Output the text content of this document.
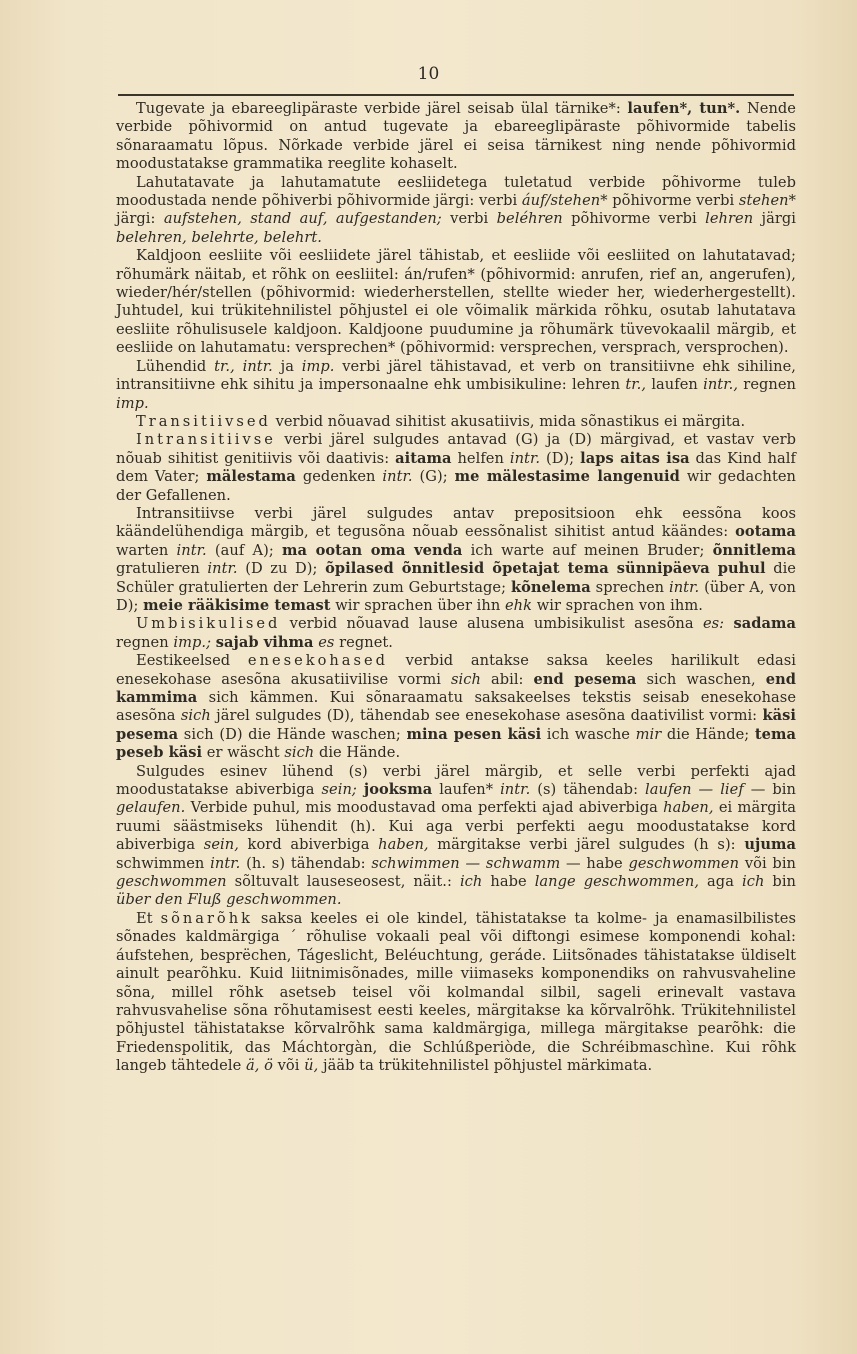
10

Tugevate ja ebareeglipäraste verbide järel seisab ülal tärnike*: laufen*, tun*. Nende verbide põhivormid on antud tugevate ja ebareeglipäraste põhivormide tabelis sõnaraamatu lõpus. Nõrkade verbide järel ei seisa tärnikest ning nende põhivormid moodustatakse grammatika reeglite kohaselt.

Lahutatavate ja lahutamatute eesliidetega tuletatud verbide põhivorme tuleb moodustada nende põhiverbi põhivormide järgi: verbi áuf/stehen* põhivorme verbi stehen* järgi: aufstehen, stand auf, aufgestanden; verbi beléhren põhivorme verbi lehren järgi belehren, belehrte, belehrt.

Kaldjoon eesliite või eesliidete järel tähistab, et eesliide või eesliited on lahutatavad; rõhumärk näitab, et rõhk on eesliitel: án/rufen* (põhivormid: anrufen, rief an, angerufen), wieder/hér/stellen (põhivormid: wiederherstellen, stellte wieder her, wiederhergestellt). Juhtudel, kui trükitehnilistel põhjustel ei ole võimalik märkida rõhku, osutab lahutatava eesliite rõhulisusele kaldjoon. Kaldjoone puudumine ja rõhumärk tüvevokaalil märgib, et eesliide on lahutamatu: versprechen* (põhivormid: versprechen, versprach, versprochen).

Lühendid tr., intr. ja imp. verbi järel tähistavad, et verb on transitiivne ehk sihiline, intransitiivne ehk sihitu ja impersonaalne ehk umbisikuline: lehren tr., laufen intr., regnen imp.

Transitiivsed verbid nõuavad sihitist akusatiivis, mida sõnastikus ei märgita.

Intransitiivse verbi järel sulgudes antavad (G) ja (D) märgivad, et vastav verb nõuab sihitist genitiivis või daativis: aitama helfen intr. (D); laps aitas isa das Kind half dem Vater; mälestama gedenken intr. (G); me mälestasime langenuid wir gedachten der Gefallenen.

Intransitiivse verbi järel sulgudes antav prepositsioon ehk eessõna koos käändelühendiga märgib, et tegusõna nõuab eessõnalist sihitist antud käändes: ootama warten intr. (auf A); ma ootan oma venda ich warte auf meinen Bruder; õnnitlema gratulieren intr. (D zu D); õpilased õnnitlesid õpetajat tema sünnipäeva puhul die Schüler gratulierten der Lehrerin zum Geburtstage; kõnelema sprechen intr. (über A, von D); meie rääkisime temast wir sprachen über ihn ehk wir sprachen von ihm.

Umbisikulised verbid nõuavad lause alusena umbisikulist asesõna es: sadama regnen imp.; sajab vihma es regnet.

Eestikeelsed enesekohased verbid antakse saksa keeles harilikult edasi enesekohase asesõna akusatiivilise vormi sich abil: end pesema sich waschen, end kammima sich kämmen. Kui sõnaraamatu saksakeelses tekstis seisab enesekohase asesõna sich järel sulgudes (D), tähendab see enesekohase asesõna daativilist vormi: käsi pesema sich (D) die Hände waschen; mina pesen käsi ich wasche mir die Hände; tema peseb käsi er wäscht sich die Hände.

Sulgudes esinev lühend (s) verbi järel märgib, et selle verbi perfekti ajad moodustatakse abiverbiga sein; jooksma laufen* intr. (s) tähendab: laufen — lief — bin gelaufen. Verbide puhul, mis moodustavad oma perfekti ajad abiverbiga haben, ei märgita ruumi säästmiseks lühendit (h). Kui aga verbi perfekti aegu moodustatakse kord abiverbiga sein, kord abiverbiga haben, märgitakse verbi järel sulgudes (h s): ujuma schwimmen intr. (h. s) tähendab: schwimmen — schwamm — habe geschwommen või bin geschwommen sõltuvalt lauseseosest, näit.: ich habe lange geschwommen, aga ich bin über den Fluß geschwommen.

Et sõnarõhk saksa keeles ei ole kindel, tähistatakse ta kolme- ja enamasilbilistes sõnades kaldmärgiga ´ rõhulise vokaali peal või diftongi esimese komponendi kohal: áufstehen, besprёchen, Tágeslicht, Beléuchtung, geráde. Liitsõnades tähistatakse üldiselt ainult pearõhku. Kuid liitnimisõnades, mille viimaseks komponendiks on rahvusvaheline sõna, millel rõhk asetseb teisel või kolmandal silbil, sageli erinevalt vastava rahvusvahelise sõna rõhutamisest eesti keeles, märgitakse ka kõrvalrõhk. Trükitehnilistel põhjustel tähistatakse kõrvalrõhk sama kaldmärgiga, millega märgitakse pearõhk: die Friedenspolitik, das Máchtorgàn, die Schlúßperiòde, die Schréibmaschìne. Kui rõhk langeb tähtedele ä, ö või ü, jääb ta trükitehnilistel põhjustel märkimata.
